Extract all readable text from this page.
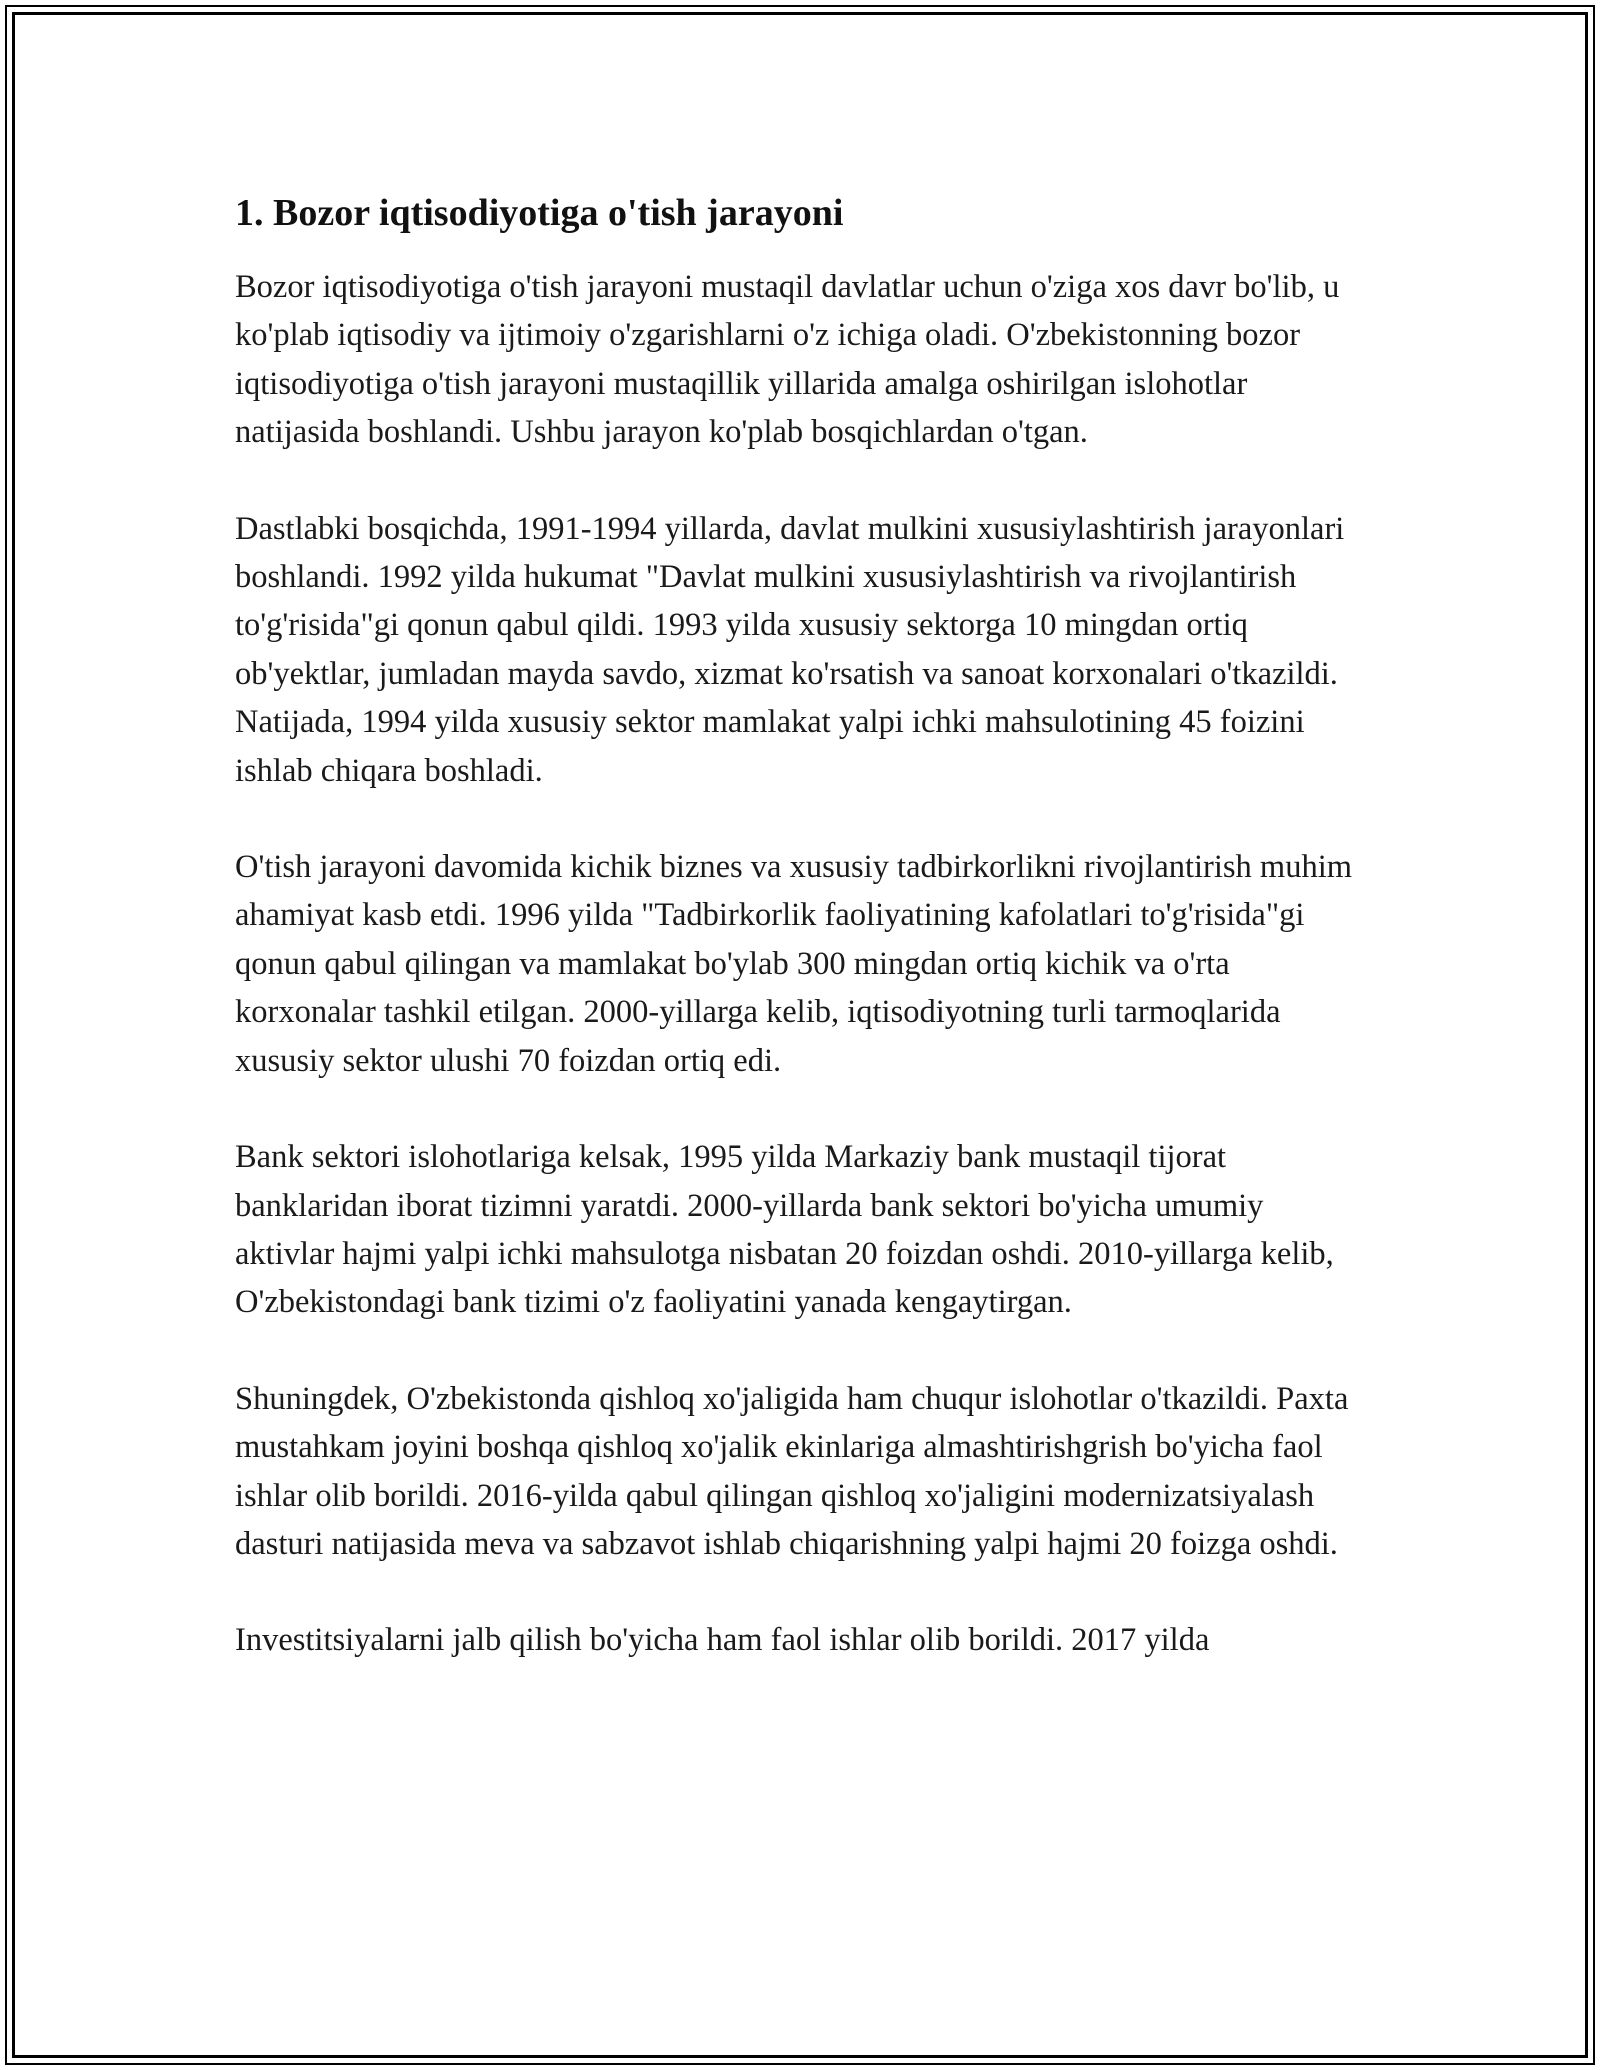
1. Bozor iqtisodiyotiga o'tish jarayoni

Bozor iqtisodiyotiga o'tish jarayoni mustaqil davlatlar uchun o'ziga xos davr bo'lib, u ko'plab iqtisodiy va ijtimoiy o'zgarishlarni o'z ichiga oladi. O'zbekistonning bozor iqtisodiyotiga o'tish jarayoni mustaqillik yillarida amalga oshirilgan islohotlar natijasida boshlandi. Ushbu jarayon ko'plab bosqichlardan o'tgan.

Dastlabki bosqichda, 1991-1994 yillarda, davlat mulkini xususiylashtirish jarayonlari boshlandi. 1992 yilda hukumat "Davlat mulkini xususiylashtirish va rivojlantirish to'g'risida"gi qonun qabul qildi. 1993 yilda xususiy sektorga 10 mingdan ortiq ob'yektlar, jumladan mayda savdo, xizmat ko'rsatish va sanoat korxonalari o'tkazildi. Natijada, 1994 yilda xususiy sektor mamlakat yalpi ichki mahsulotining 45 foizini ishlab chiqara boshladi.

O'tish jarayoni davomida kichik biznes va xususiy tadbirkorlikni rivojlantirish muhim ahamiyat kasb etdi. 1996 yilda "Tadbirkorlik faoliyatining kafolatlari to'g'risida"gi qonun qabul qilingan va mamlakat bo'ylab 300 mingdan ortiq kichik va o'rta korxonalar tashkil etilgan. 2000-yillarga kelib, iqtisodiyotning turli tarmoqlarida xususiy sektor ulushi 70 foizdan ortiq edi.

Bank sektori islohotlariga kelsak, 1995 yilda Markaziy bank mustaqil tijorat banklaridan iborat tizimni yaratdi. 2000-yillarda bank sektori bo'yicha umumiy aktivlar hajmi yalpi ichki mahsulotga nisbatan 20 foizdan oshdi. 2010-yillarga kelib, O'zbekistondagi bank tizimi o'z faoliyatini yanada kengaytirgan.

Shuningdek, O'zbekistonda qishloq xo'jaligida ham chuqur islohotlar o'tkazildi. Paxta mustahkam joyini boshqa qishloq xo'jalik ekinlariga almashtirishgrish bo'yicha faol ishlar olib borildi. 2016-yilda qabul qilingan qishloq xo'jaligini modernizatsiyalash dasturi natijasida meva va sabzavot ishlab chiqarishning yalpi hajmi 20 foizga oshdi.

Investitsiyalarni jalb qilish bo'yicha ham faol ishlar olib borildi. 2017 yilda
